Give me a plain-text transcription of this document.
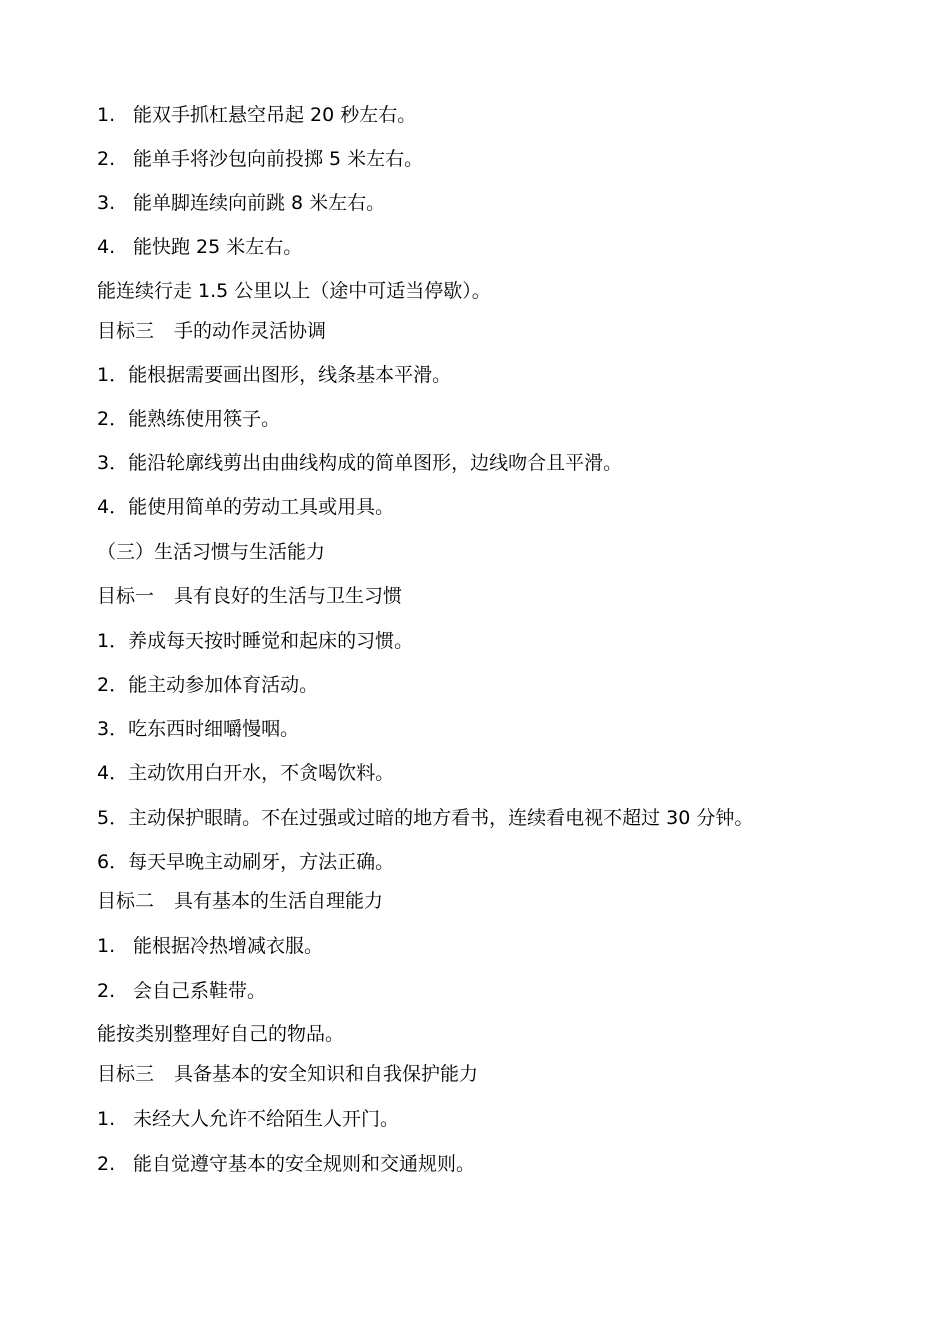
1. 能双手抓杠悬空吊起 20 秒左右。
2. 能单手将沙包向前投掷 5 米左右。
3. 能单脚连续向前跳 8 米左右。
4. 能快跑 25 米左右。
能连续行走 1.5 公里以上（途中可适当停歇）。
目标三 手的动作灵活协调
1．能根据需要画出图形，线条基本平滑。
2．能熟练使用筷子。
3．能沿轮廓线剪出由曲线构成的简单图形，边线吻合且平滑。
4．能使用简单的劳动工具或用具。
（三）生活习惯与生活能力
目标一 具有良好的生活与卫生习惯
1．养成每天按时睡觉和起床的习惯。
2．能主动参加体育活动。
3．吃东西时细嚼慢咽。
4．主动饮用白开水，不贪喝饮料。
5．主动保护眼睛。不在过强或过暗的地方看书，连续看电视不超过 30 分钟。
6．每天早晚主动刷牙，方法正确。
目标二 具有基本的生活自理能力
1. 能根据冷热增减衣服。
2. 会自己系鞋带。
能按类别整理好自己的物品。
目标三 具备基本的安全知识和自我保护能力
1. 未经大人允许不给陌生人开门。
2. 能自觉遵守基本的安全规则和交通规则。
